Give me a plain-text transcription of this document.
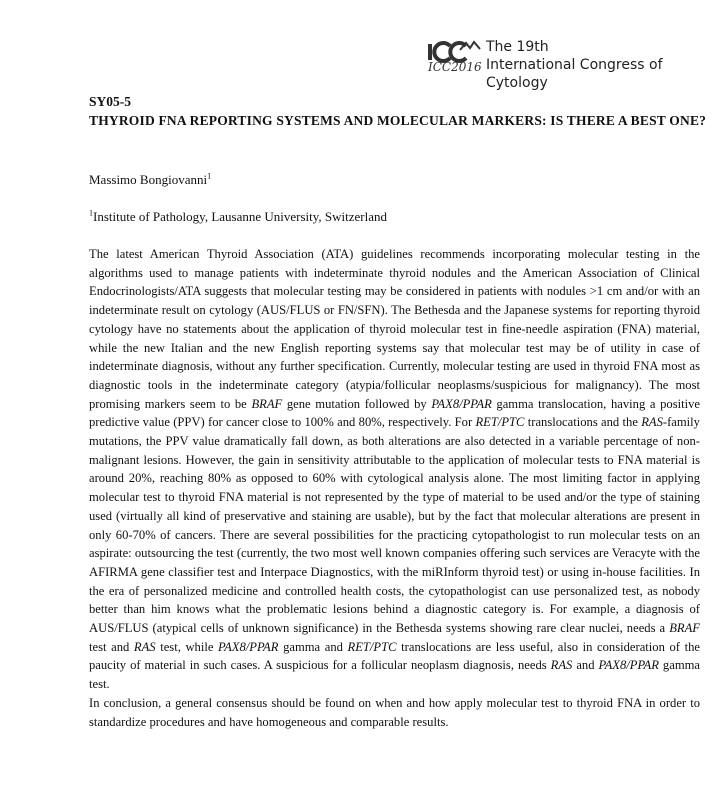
ICC2016
The 19th
International Congress of Cytology
SY05-5
THYROID FNA REPORTING SYSTEMS AND MOLECULAR MARKERS: IS THERE A BEST ONE?
Massimo Bongiovanni$^1$
$^1$Institute of Pathology, Lausanne University, Switzerland

The latest American Thyroid Association (ATA) guidelines recommends incorporating molecular testing in the algorithms used to manage patients with indeterminate thyroid nodules and the American Association of Clinical Endocrinologists/ATA suggests that molecular testing may be considered in patients with nodules >1 cm and/or with an indeterminate result on cytology (AUS/FLUS or FN/SFN). The Bethesda and the Japanese systems for reporting thyroid cytology have no statements about the application of thyroid molecular test in fine-needle aspiration (FNA) material, while the new Italian and the new English reporting systems say that molecular test may be of utility in case of indeterminate diagnosis, without any further specification. Currently, molecular testing are used in thyroid FNA most as diagnostic tools in the indeterminate category (atypia/follicular neoplasms/suspicious for malignancy). The most promising markers seem to be BRAF gene mutation followed by PAX8/PPAR gamma translocation, having a positive predictive value (PPV) for cancer close to 100% and 80%, respectively. For RET/PTC translocations and the RAS-family mutations, the PPV value dramatically fall down, as both alterations are also detected in a variable percentage of non-malignant lesions. However, the gain in sensitivity attributable to the application of molecular tests to FNA material is around 20%, reaching 80% as opposed to 60% with cytological analysis alone. The most limiting factor in applying molecular test to thyroid FNA material is not represented by the type of material to be used and/or the type of staining used (virtually all kind of preservative and staining are usable), but by the fact that molecular alterations are present in only 60-70% of cancers. There are several possibilities for the practicing cytopathologist to run molecular tests on an aspirate: outsourcing the test (currently, the two most well known companies offering such services are Veracyte with the AFIRMA gene classifier test and Interpace Diagnostics, with the miRInform thyroid test) or using in-house facilities. In the era of personalized medicine and controlled health costs, the cytopathologist can use personalized test, as nobody better than him knows what the problematic lesions behind a diagnostic category is. For example, a diagnosis of AUS/FLUS (atypical cells of unknown significance) in the Bethesda systems showing rare clear nuclei, needs a BRAF test and RAS test, while PAX8/PPAR gamma and RET/PTC translocations are less useful, also in consideration of the paucity of material in such cases. A suspicious for a follicular neoplasm diagnosis, needs RAS and PAX8/PPAR gamma test.

In conclusion, a general consensus should be found on when and how apply molecular test to thyroid FNA in order to standardize procedures and have homogeneous and comparable results.
